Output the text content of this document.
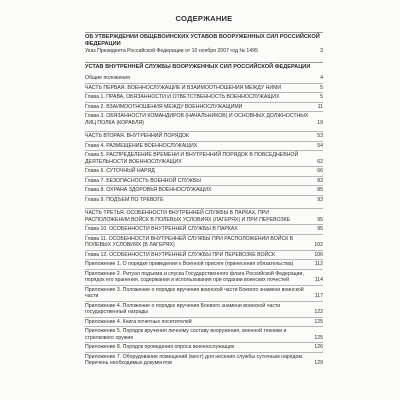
СОДЕРЖАНИЕ
ОБ УТВЕРЖДЕНИИ ОБЩЕВОИНСКИХ УСТАВОВ ВООРУЖЕННЫХ СИЛ РОССИЙСКОЙ ФЕДЕРАЦИИ
Указ Президента Российской Федерации от 10 ноября 2007 год № 1495	3
УСТАВ ВНУТРЕННЕЙ СЛУЖБЫ ВООРУЖЕННЫХ СИЛ РОССИЙСКОЙ ФЕДЕРАЦИИ
Общие положения	4
ЧАСТЬ ПЕРВАЯ. ВОЕННОСЛУЖАЩИЕ И ВЗАИМООТНОШЕНИЯ МЕЖДУ НИМИ	5
Глава 1. ПРАВА, ОБЯЗАННОСТИ И ОТВЕТСТВЕННОСТЬ ВОЕННОСЛУЖАЩИХ	5
Глава 2. ВЗАИМООТНОШЕНИЯ МЕЖДУ ВОЕННОСЛУЖАЩИМИ	11
Глава 3. ОБЯЗАННОСТИ КОМАНДИРОВ (НАЧАЛЬНИКОВ) И ОСНОВНЫХ ДОЛЖНОСТНЫХ ЛИЦ ПОЛКА (КОРАБЛЯ)	19
ЧАСТЬ ВТОРАЯ. ВНУТРЕННИЙ ПОРЯДОК	53
Глава 4. РАЗМЕЩЕНИЕ ВОЕННОСЛУЖАЩИХ	54
Глава 5. РАСПРЕДЕЛЕНИЕ ВРЕМЕНИ И ВНУТРЕННИЙ ПОРЯДОК В ПОВСЕДНЕВНОЙ ДЕЯТЕЛЬНОСТИ ВОЕННОСЛУЖАЩИХ	62
Глава 6. СУТОЧНЫЙ НАРЯД	66
Глава 7. БЕЗОПАСНОСТЬ ВОЕННОЙ СЛУЖБЫ	83
Глава 8. ОХРАНА ЗДОРОВЬЯ ВОЕННОСЛУЖАЩИХ	85
Глава 9. ПОДЪЕМ ПО ТРЕВОГЕ	93
ЧАСТЬ ТРЕТЬЯ. ОСОБЕННОСТИ ВНУТРЕННЕЙ СЛУЖБЫ В ПАРКАХ, ПРИ РАСПОЛОЖЕНИИ ВОЙСК В ПОЛЕВЫХ УСЛОВИЯХ (ЛАГЕРЯХ) И ПРИ ПЕРЕВОЗКЕ	95
Глава 10. ОСОБЕННОСТИ ВНУТРЕННЕЙ СЛУЖБЫ В ПАРКАХ	95
Глава 11. ОСОБЕННОСТИ ВНУТРЕННЕЙ СЛУЖБЫ ПРИ РАСПОЛОЖЕНИИ ВОЙСК В ПОЛЕВЫХ УСЛОВИЯХ (В ЛАГЕРЯХ)	102
Глава 12. ОСОБЕННОСТИ ВНУТРЕННЕЙ СЛУЖБЫ ПРИ ПЕРЕВОЗКЕ ВОЙСК	106
Приложение 1. О порядке приведения к Военной присяге (принесения обязательства)	112
Приложение 2. Ритуал подъема и спуска Государственного флага Российской Федерации, порядок его хранения, содержания и использования при отдании воинских почестей	114
Приложение 3. Положение о порядке вручения воинской части Боевого знамени воинской части	117
Приложение 4. Положение о порядке вручения Боевого знамени воинской части государственный награды	122
Приложение 4. Книга почетных посетителей	125
Приложение 5. Порядок вручения личному составу вооружения, военной техники и стрелкового оружия	125
Приложение 8. Порядок проведения опроса военнослужащих	126
Приложение 7. Оборудование помещений (мест) для несения службы суточным нарядом. Перечень необходимых документов	129
